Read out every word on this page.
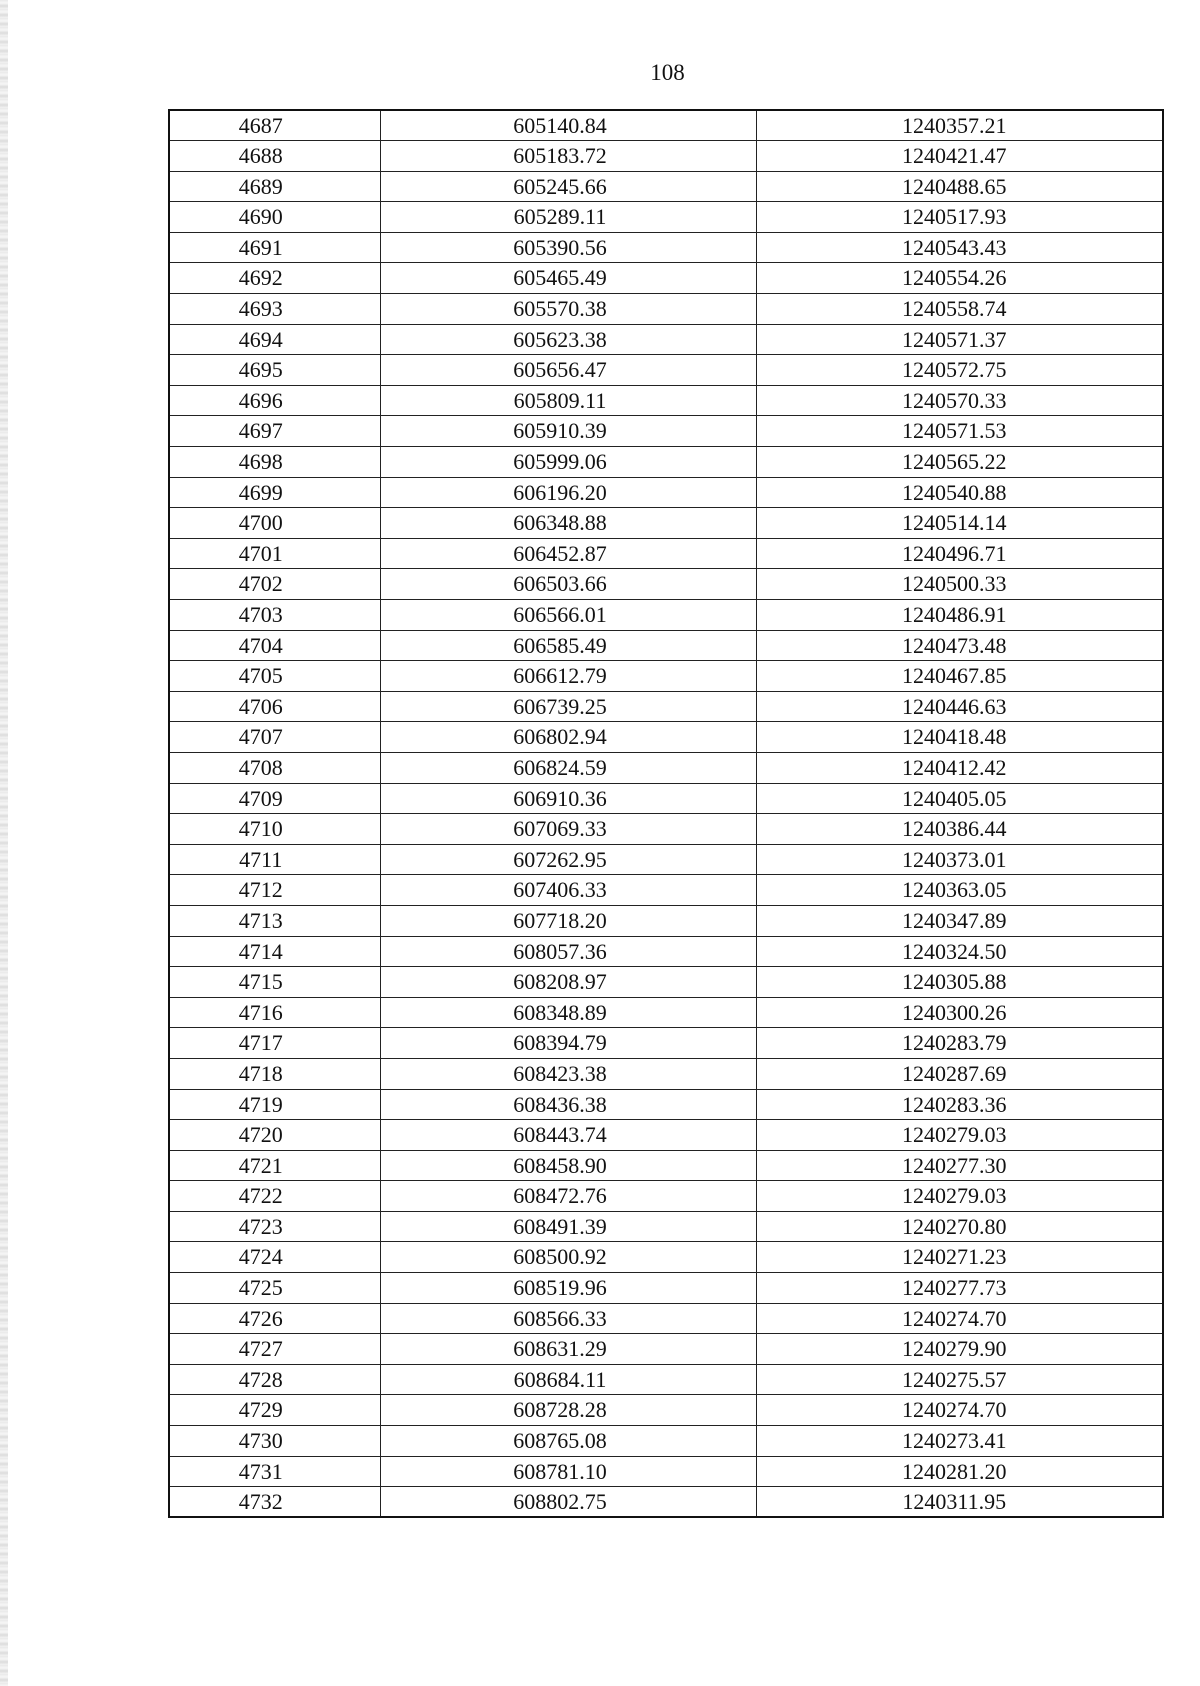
108
4687	605140.84	1240357.21

4688	605183.72	1240421.47

4689	605245.66	1240488.65

4690	605289.11	1240517.93

4691	605390.56	1240543.43

4692	605465.49	1240554.26

4693	605570.38	1240558.74

4694	605623.38	1240571.37

4695	605656.47	1240572.75

4696	605809.11	1240570.33

4697	605910.39	1240571.53

4698	605999.06	1240565.22

4699	606196.20	1240540.88

4700	606348.88	1240514.14

4701	606452.87	1240496.71

4702	606503.66	1240500.33

4703	606566.01	1240486.91

4704	606585.49	1240473.48

4705	606612.79	1240467.85

4706	606739.25	1240446.63

4707	606802.94	1240418.48

4708	606824.59	1240412.42

4709	606910.36	1240405.05

4710	607069.33	1240386.44

4711	607262.95	1240373.01

4712	607406.33	1240363.05

4713	607718.20	1240347.89

4714	608057.36	1240324.50

4715	608208.97	1240305.88

4716	608348.89	1240300.26

4717	608394.79	1240283.79

4718	608423.38	1240287.69

4719	608436.38	1240283.36

4720	608443.74	1240279.03

4721	608458.90	1240277.30

4722	608472.76	1240279.03

4723	608491.39	1240270.80

4724	608500.92	1240271.23

4725	608519.96	1240277.73

4726	608566.33	1240274.70

4727	608631.29	1240279.90

4728	608684.11	1240275.57

4729	608728.28	1240274.70

4730	608765.08	1240273.41

4731	608781.10	1240281.20

4732	608802.75	1240311.95
